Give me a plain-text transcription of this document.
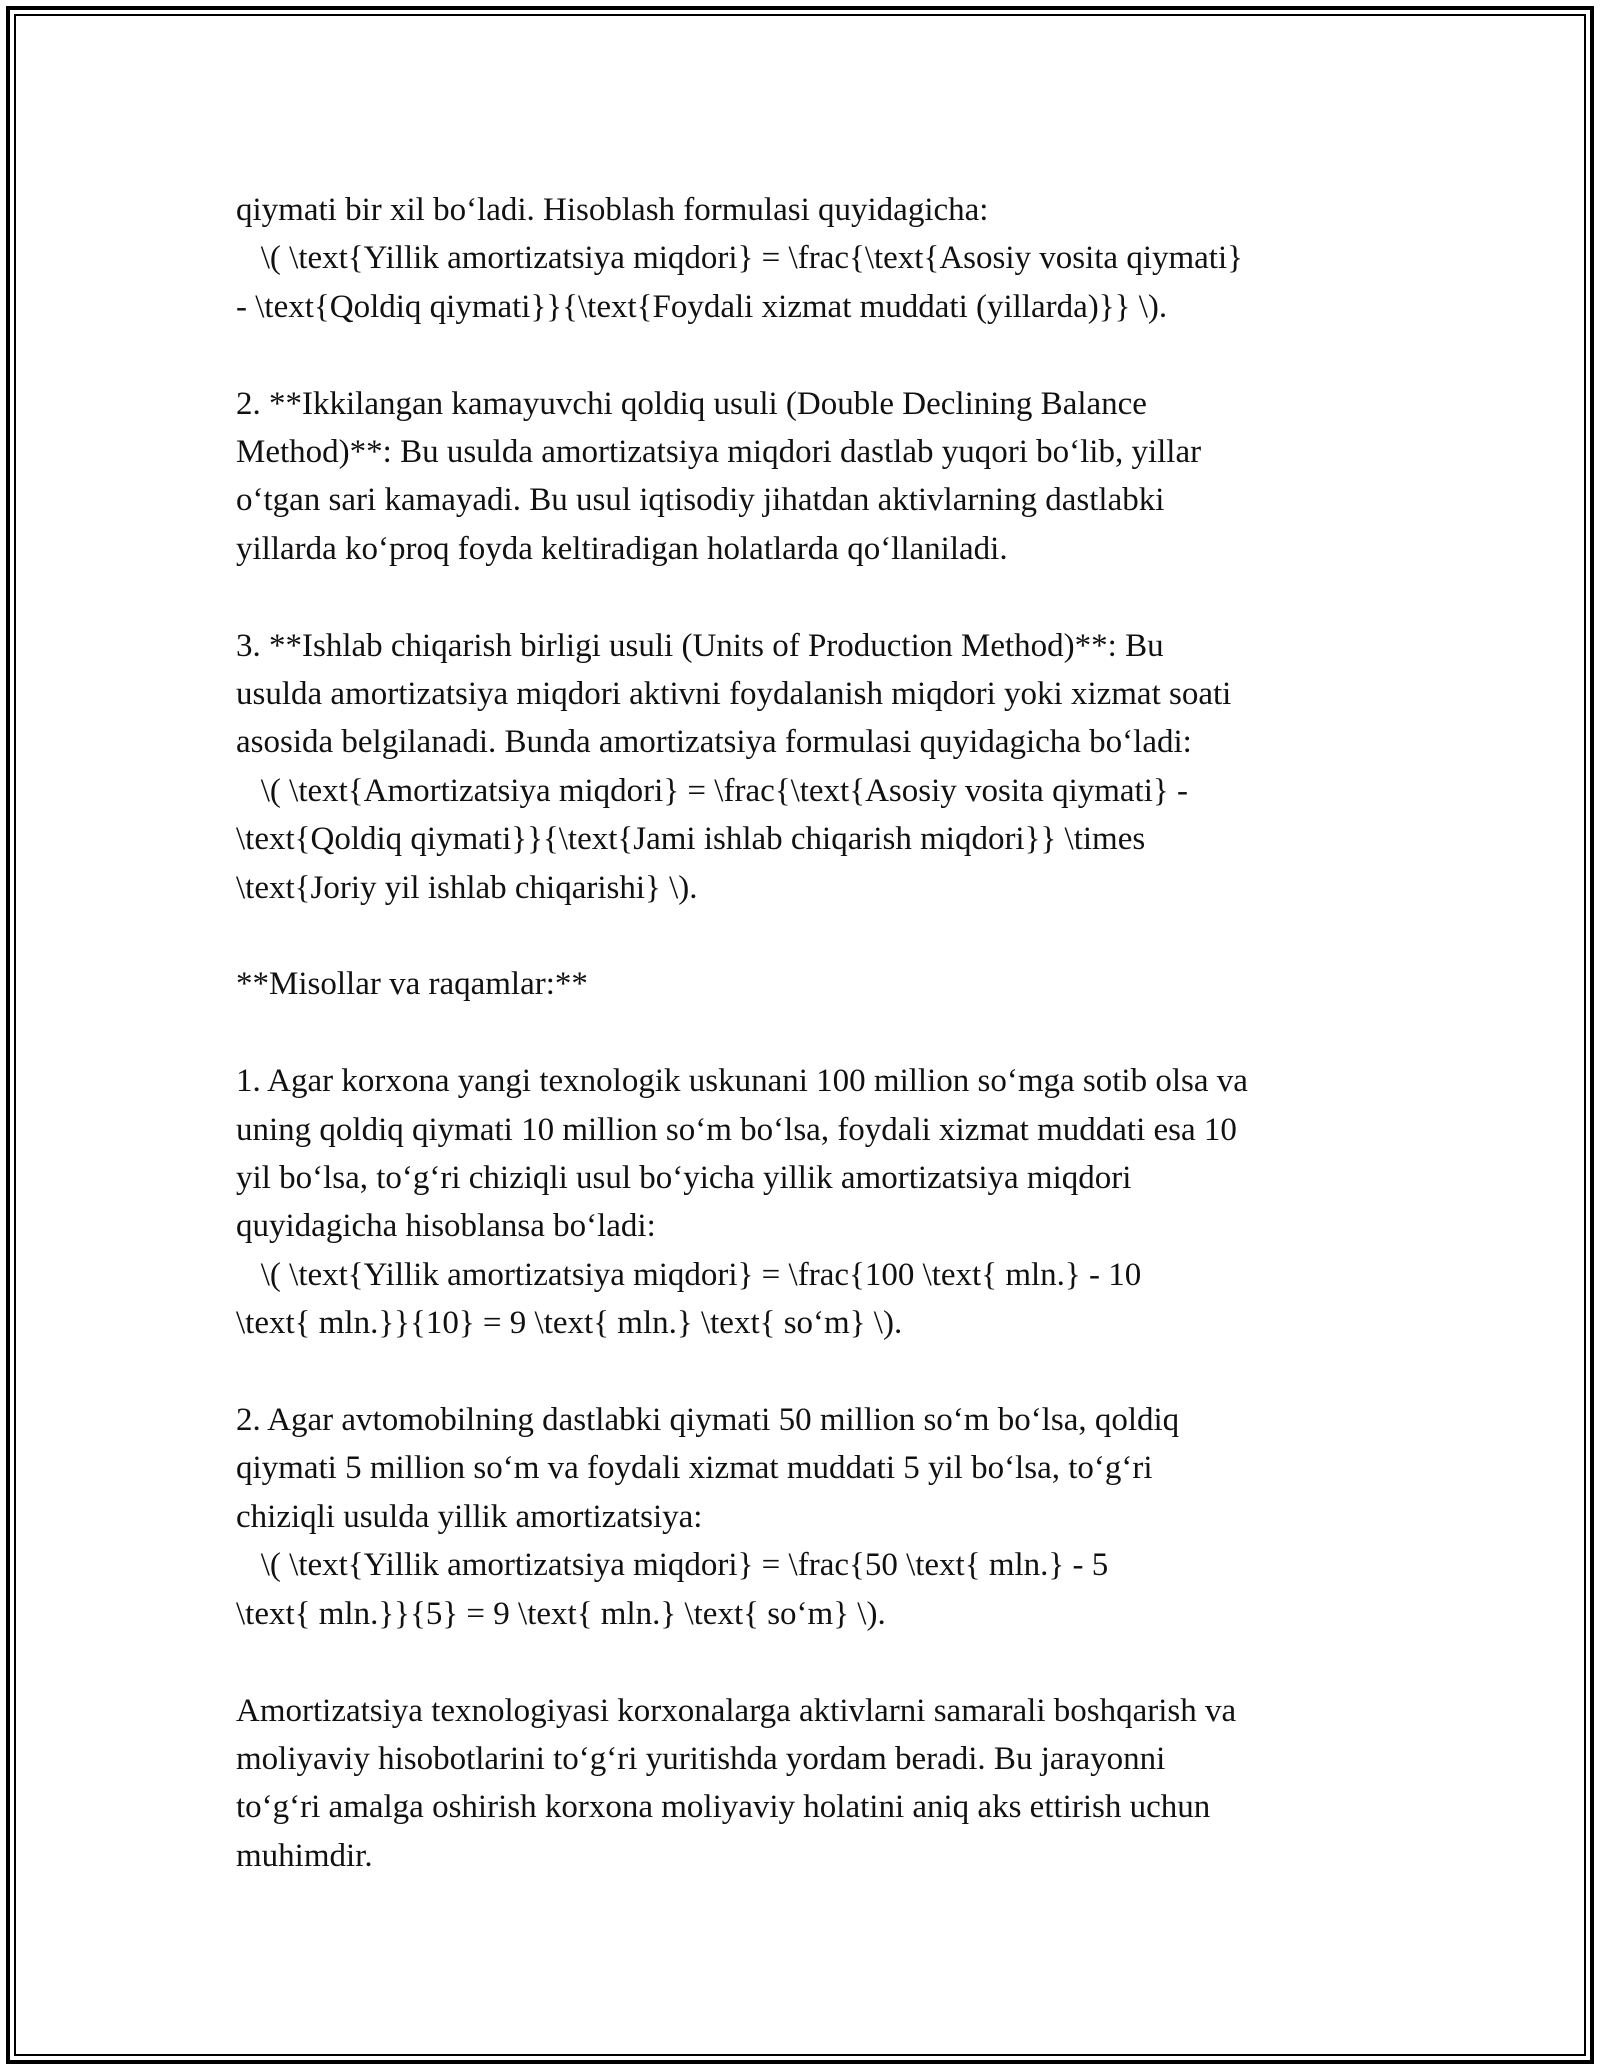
qiymati bir xil bo‘ladi. Hisoblash formulasi quyidagicha:
\( \text{Yillik amortizatsiya miqdori} = \frac{\text{Asosiy vosita qiymati}
- \text{Qoldiq qiymati}}{\text{Foydali xizmat muddati (yillarda)}} \).

2. **Ikkilangan kamayuvchi qoldiq usuli (Double Declining Balance
Method)**: Bu usulda amortizatsiya miqdori dastlab yuqori bo‘lib, yillar
o‘tgan sari kamayadi. Bu usul iqtisodiy jihatdan aktivlarning dastlabki
yillarda ko‘proq foyda keltiradigan holatlarda qo‘llaniladi.

3. **Ishlab chiqarish birligi usuli (Units of Production Method)**: Bu
usulda amortizatsiya miqdori aktivni foydalanish miqdori yoki xizmat soati
asosida belgilanadi. Bunda amortizatsiya formulasi quyidagicha bo‘ladi:
\( \text{Amortizatsiya miqdori} = \frac{\text{Asosiy vosita qiymati} -
\text{Qoldiq qiymati}}{\text{Jami ishlab chiqarish miqdori}} \times
\text{Joriy yil ishlab chiqarishi} \).

**Misollar va raqamlar:**

1. Agar korxona yangi texnologik uskunani 100 million so‘mga sotib olsa va
uning qoldiq qiymati 10 million so‘m bo‘lsa, foydali xizmat muddati esa 10
yil bo‘lsa, to‘g‘ri chiziqli usul bo‘yicha yillik amortizatsiya miqdori
quyidagicha hisoblansa bo‘ladi:
\( \text{Yillik amortizatsiya miqdori} = \frac{100 \text{ mln.} - 10
\text{ mln.}}{10} = 9 \text{ mln.} \text{ so‘m} \).

2. Agar avtomobilning dastlabki qiymati 50 million so‘m bo‘lsa, qoldiq
qiymati 5 million so‘m va foydali xizmat muddati 5 yil bo‘lsa, to‘g‘ri
chiziqli usulda yillik amortizatsiya:
\( \text{Yillik amortizatsiya miqdori} = \frac{50 \text{ mln.} - 5
\text{ mln.}}{5} = 9 \text{ mln.} \text{ so‘m} \).

Amortizatsiya texnologiyasi korxonalarga aktivlarni samarali boshqarish va
moliyaviy hisobotlarini to‘g‘ri yuritishda yordam beradi. Bu jarayonni
to‘g‘ri amalga oshirish korxona moliyaviy holatini aniq aks ettirish uchun
muhimdir.
